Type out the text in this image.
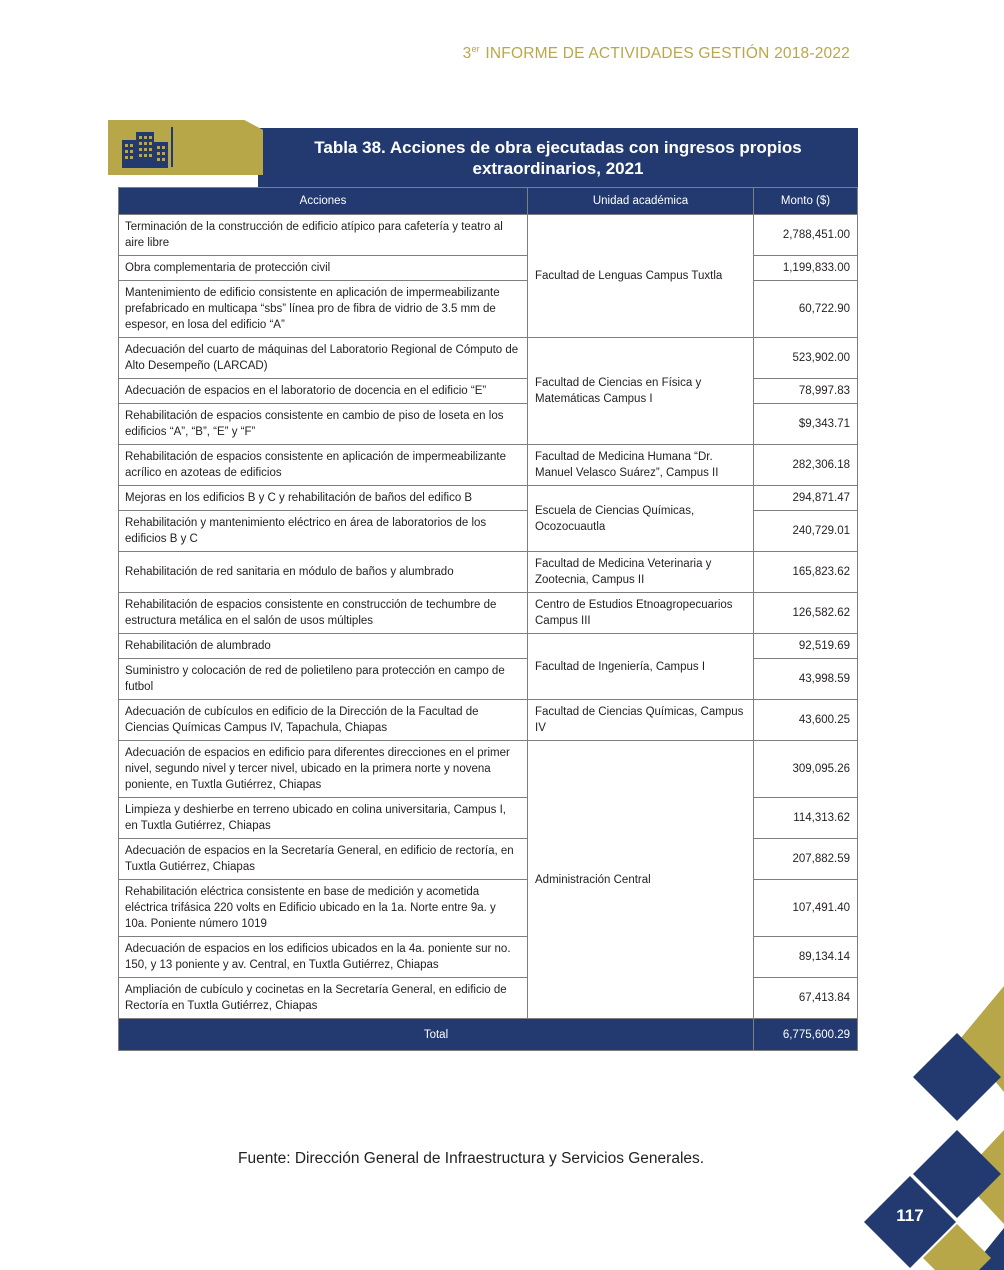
3er INFORME DE ACTIVIDADES GESTIÓN 2018-2022
Tabla 38. Acciones de obra ejecutadas con ingresos propios extraordinarios, 2021
Acciones	Unidad académica	Monto ($)
Terminación de la construcción de edificio atípico para cafetería y teatro al aire libre	Facultad de Lenguas Campus Tuxtla	2,788,451.00
Obra complementaria de protección civil		1,199,833.00
Mantenimiento de edificio consistente en aplicación de impermeabilizante prefabricado en multicapa “sbs” línea pro de fibra de vidrio de 3.5 mm de espesor, en losa del edificio “A”		60,722.90
Adecuación del cuarto de máquinas del Laboratorio Regional de Cómputo de Alto Desempeño (LARCAD)	Facultad de Ciencias en Física y Matemáticas Campus I	523,902.00
Adecuación de espacios en el laboratorio de docencia en el edificio “E”		78,997.83
Rehabilitación de espacios consistente en cambio de piso de loseta en los edificios “A”, “B”, “E” y “F”		$9,343.71
Rehabilitación de espacios consistente en aplicación de impermeabilizante acrílico en azoteas de edificios	Facultad de Medicina Humana “Dr. Manuel Velasco Suárez”, Campus II	282,306.18
Mejoras en los edificios B y C y rehabilitación de baños del edifico B	Escuela de Ciencias Químicas, Ocozocuautla	294,871.47
Rehabilitación y mantenimiento eléctrico en área de laboratorios de los edificios B y C		240,729.01
Rehabilitación de red sanitaria en módulo de baños y alumbrado	Facultad de Medicina Veterinaria y Zootecnia, Campus II	165,823.62
Rehabilitación de espacios consistente en construcción de techumbre de estructura metálica en el salón de usos múltiples	Centro de Estudios Etnoagropecuarios Campus III	126,582.62
Rehabilitación de alumbrado	Facultad de Ingeniería, Campus I	92,519.69
Suministro y colocación de red de polietileno para protección en campo de futbol		43,998.59
Adecuación de cubículos en edificio de la Dirección de la Facultad de Ciencias Químicas Campus IV, Tapachula, Chiapas	Facultad de Ciencias Químicas, Campus IV	43,600.25
Adecuación de espacios en edificio para diferentes direcciones en el primer nivel, segundo nivel y tercer nivel, ubicado en la primera norte y novena poniente, en Tuxtla Gutiérrez, Chiapas	Administración Central	309,095.26
Limpieza y deshierbe en terreno ubicado en colina universitaria, Campus I, en Tuxtla Gutiérrez, Chiapas		114,313.62
Adecuación de espacios en la Secretaría General, en edificio de rectoría, en Tuxtla Gutiérrez, Chiapas		207,882.59
Rehabilitación eléctrica consistente en base de medición y acometida eléctrica trifásica 220 volts en Edificio ubicado en la 1a. Norte entre 9a. y 10a. Poniente número 1019		107,491.40
Adecuación de espacios en los edificios ubicados en la 4a. poniente sur no. 150, y 13 poniente y av. Central, en Tuxtla Gutiérrez, Chiapas		89,134.14
Ampliación de cubículo y cocinetas en la Secretaría General, en edificio de Rectoría en Tuxtla Gutiérrez, Chiapas		67,413.84
Total		6,775,600.29
Fuente: Dirección General de Infraestructura y Servicios Generales.
117
